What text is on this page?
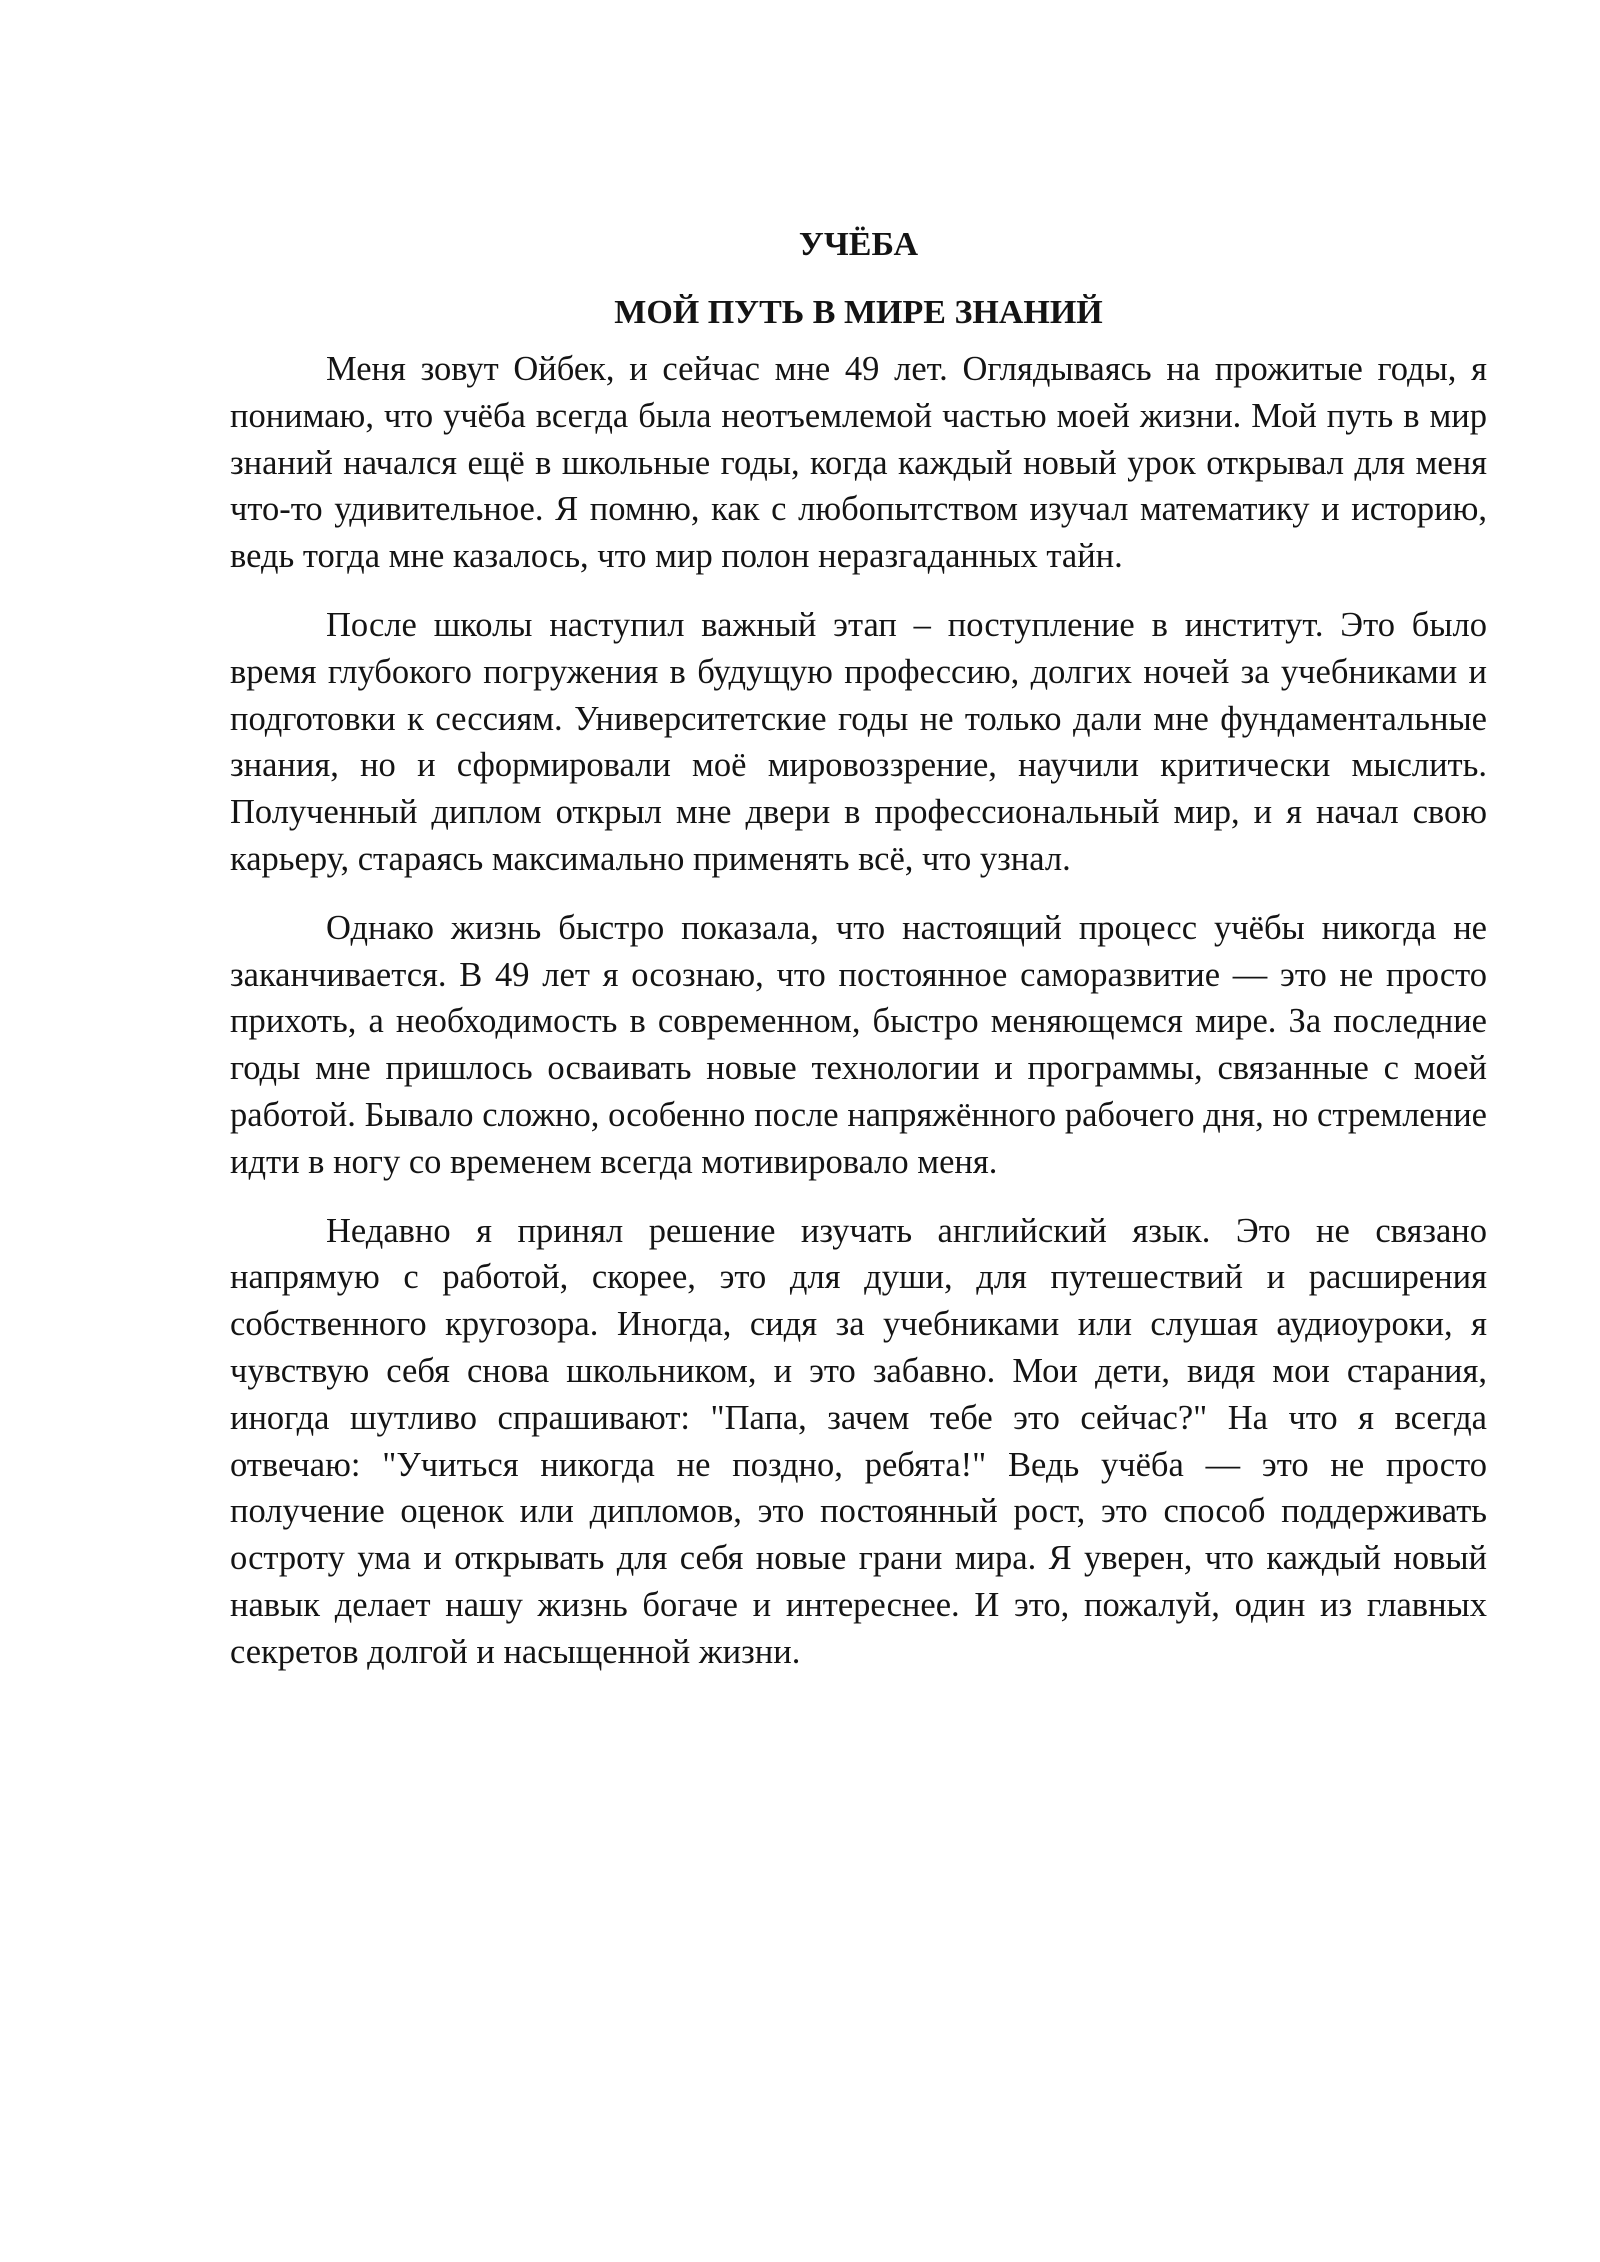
УЧЁБА
МОЙ ПУТЬ В МИРЕ ЗНАНИЙ

Меня зовут Ойбек, и сейчас мне 49 лет. Оглядываясь на прожитые годы, я понимаю, что учёба всегда была неотъемлемой частью моей жизни. Мой путь в мир знаний начался ещё в школьные годы, когда каждый новый урок открывал для меня что-то удивительное. Я помню, как с любопытством изучал математику и историю, ведь тогда мне казалось, что мир полон неразгаданных тайн.

После школы наступил важный этап – поступление в институт. Это было время глубокого погружения в будущую профессию, долгих ночей за учебниками и подготовки к сессиям. Университетские годы не только дали мне фундаментальные знания, но и сформировали моё мировоззрение, научили критически мыслить. Полученный диплом открыл мне двери в профессиональный мир, и я начал свою карьеру, стараясь максимально применять всё, что узнал.

Однако жизнь быстро показала, что настоящий процесс учёбы никогда не заканчивается. В 49 лет я осознаю, что постоянное саморазвитие — это не просто прихоть, а необходимость в современном, быстро меняющемся мире. За последние годы мне пришлось осваивать новые технологии и программы, связанные с моей работой. Бывало сложно, особенно после напряжённого рабочего дня, но стремление идти в ногу со временем всегда мотивировало меня.

Недавно я принял решение изучать английский язык. Это не связано напрямую с работой, скорее, это для души, для путешествий и расширения собственного кругозора. Иногда, сидя за учебниками или слушая аудиоуроки, я чувствую себя снова школьником, и это забавно. Мои дети, видя мои старания, иногда шутливо спрашивают: "Папа, зачем тебе это сейчас?" На что я всегда отвечаю: "Учиться никогда не поздно, ребята!" Ведь учёба — это не просто получение оценок или дипломов, это постоянный рост, это способ поддерживать остроту ума и открывать для себя новые грани мира. Я уверен, что каждый новый навык делает нашу жизнь богаче и интереснее. И это, пожалуй, один из главных секретов долгой и насыщенной жизни.
